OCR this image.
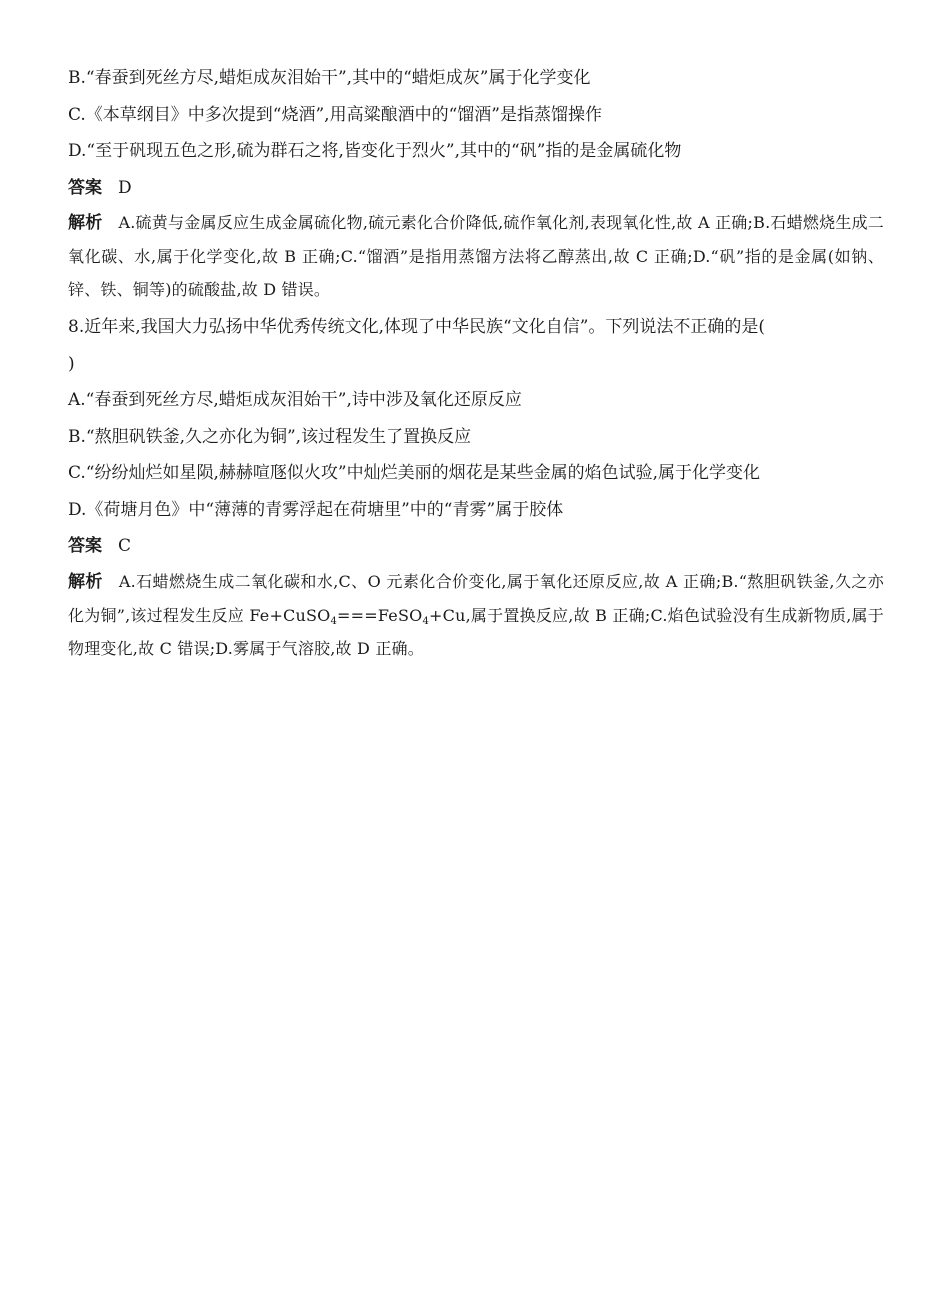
B.“春蚕到死丝方尽,蜡炬成灰泪始干”,其中的“蜡炬成灰”属于化学变化
C.《本草纲目》中多次提到“烧酒”,用高粱酿酒中的“馏酒”是指蒸馏操作
D.“至于矾现五色之形,硫为群石之将,皆变化于烈火”,其中的“矾”指的是金属硫化物
答案 D
解析 A.硫黄与金属反应生成金属硫化物,硫元素化合价降低,硫作氧化剂,表现氧化性,故 A 正确;B.石蜡燃烧生成二氧化碳、水,属于化学变化,故 B 正确;C.“馏酒”是指用蒸馏方法将乙醇蒸出,故 C 正确;D.“矾”指的是金属(如钠、锌、铁、铜等)的硫酸盐,故 D 错误。
8.近年来,我国大力弘扬中华优秀传统文化,体现了中华民族“文化自信”。下列说法不正确的是(
)
A.“春蚕到死丝方尽,蜡炬成灰泪始干”,诗中涉及氧化还原反应
B.“熬胆矾铁釜,久之亦化为铜”,该过程发生了置换反应
C.“纷纷灿烂如星陨,赫赫喧豗似火攻”中灿烂美丽的烟花是某些金属的焰色试验,属于化学变化
D.《荷塘月色》中“薄薄的青雾浮起在荷塘里”中的“青雾”属于胶体
答案 C
解析 A.石蜡燃烧生成二氧化碳和水,C、O 元素化合价变化,属于氧化还原反应,故 A 正确;B.“熬胆矾铁釜,久之亦化为铜”,该过程发生反应 Fe+CuSO$_4$===FeSO$_4$+Cu,属于置换反应,故 B 正确;C.焰色试验没有生成新物质,属于物理变化,故 C 错误;D.雾属于气溶胶,故 D 正确。
